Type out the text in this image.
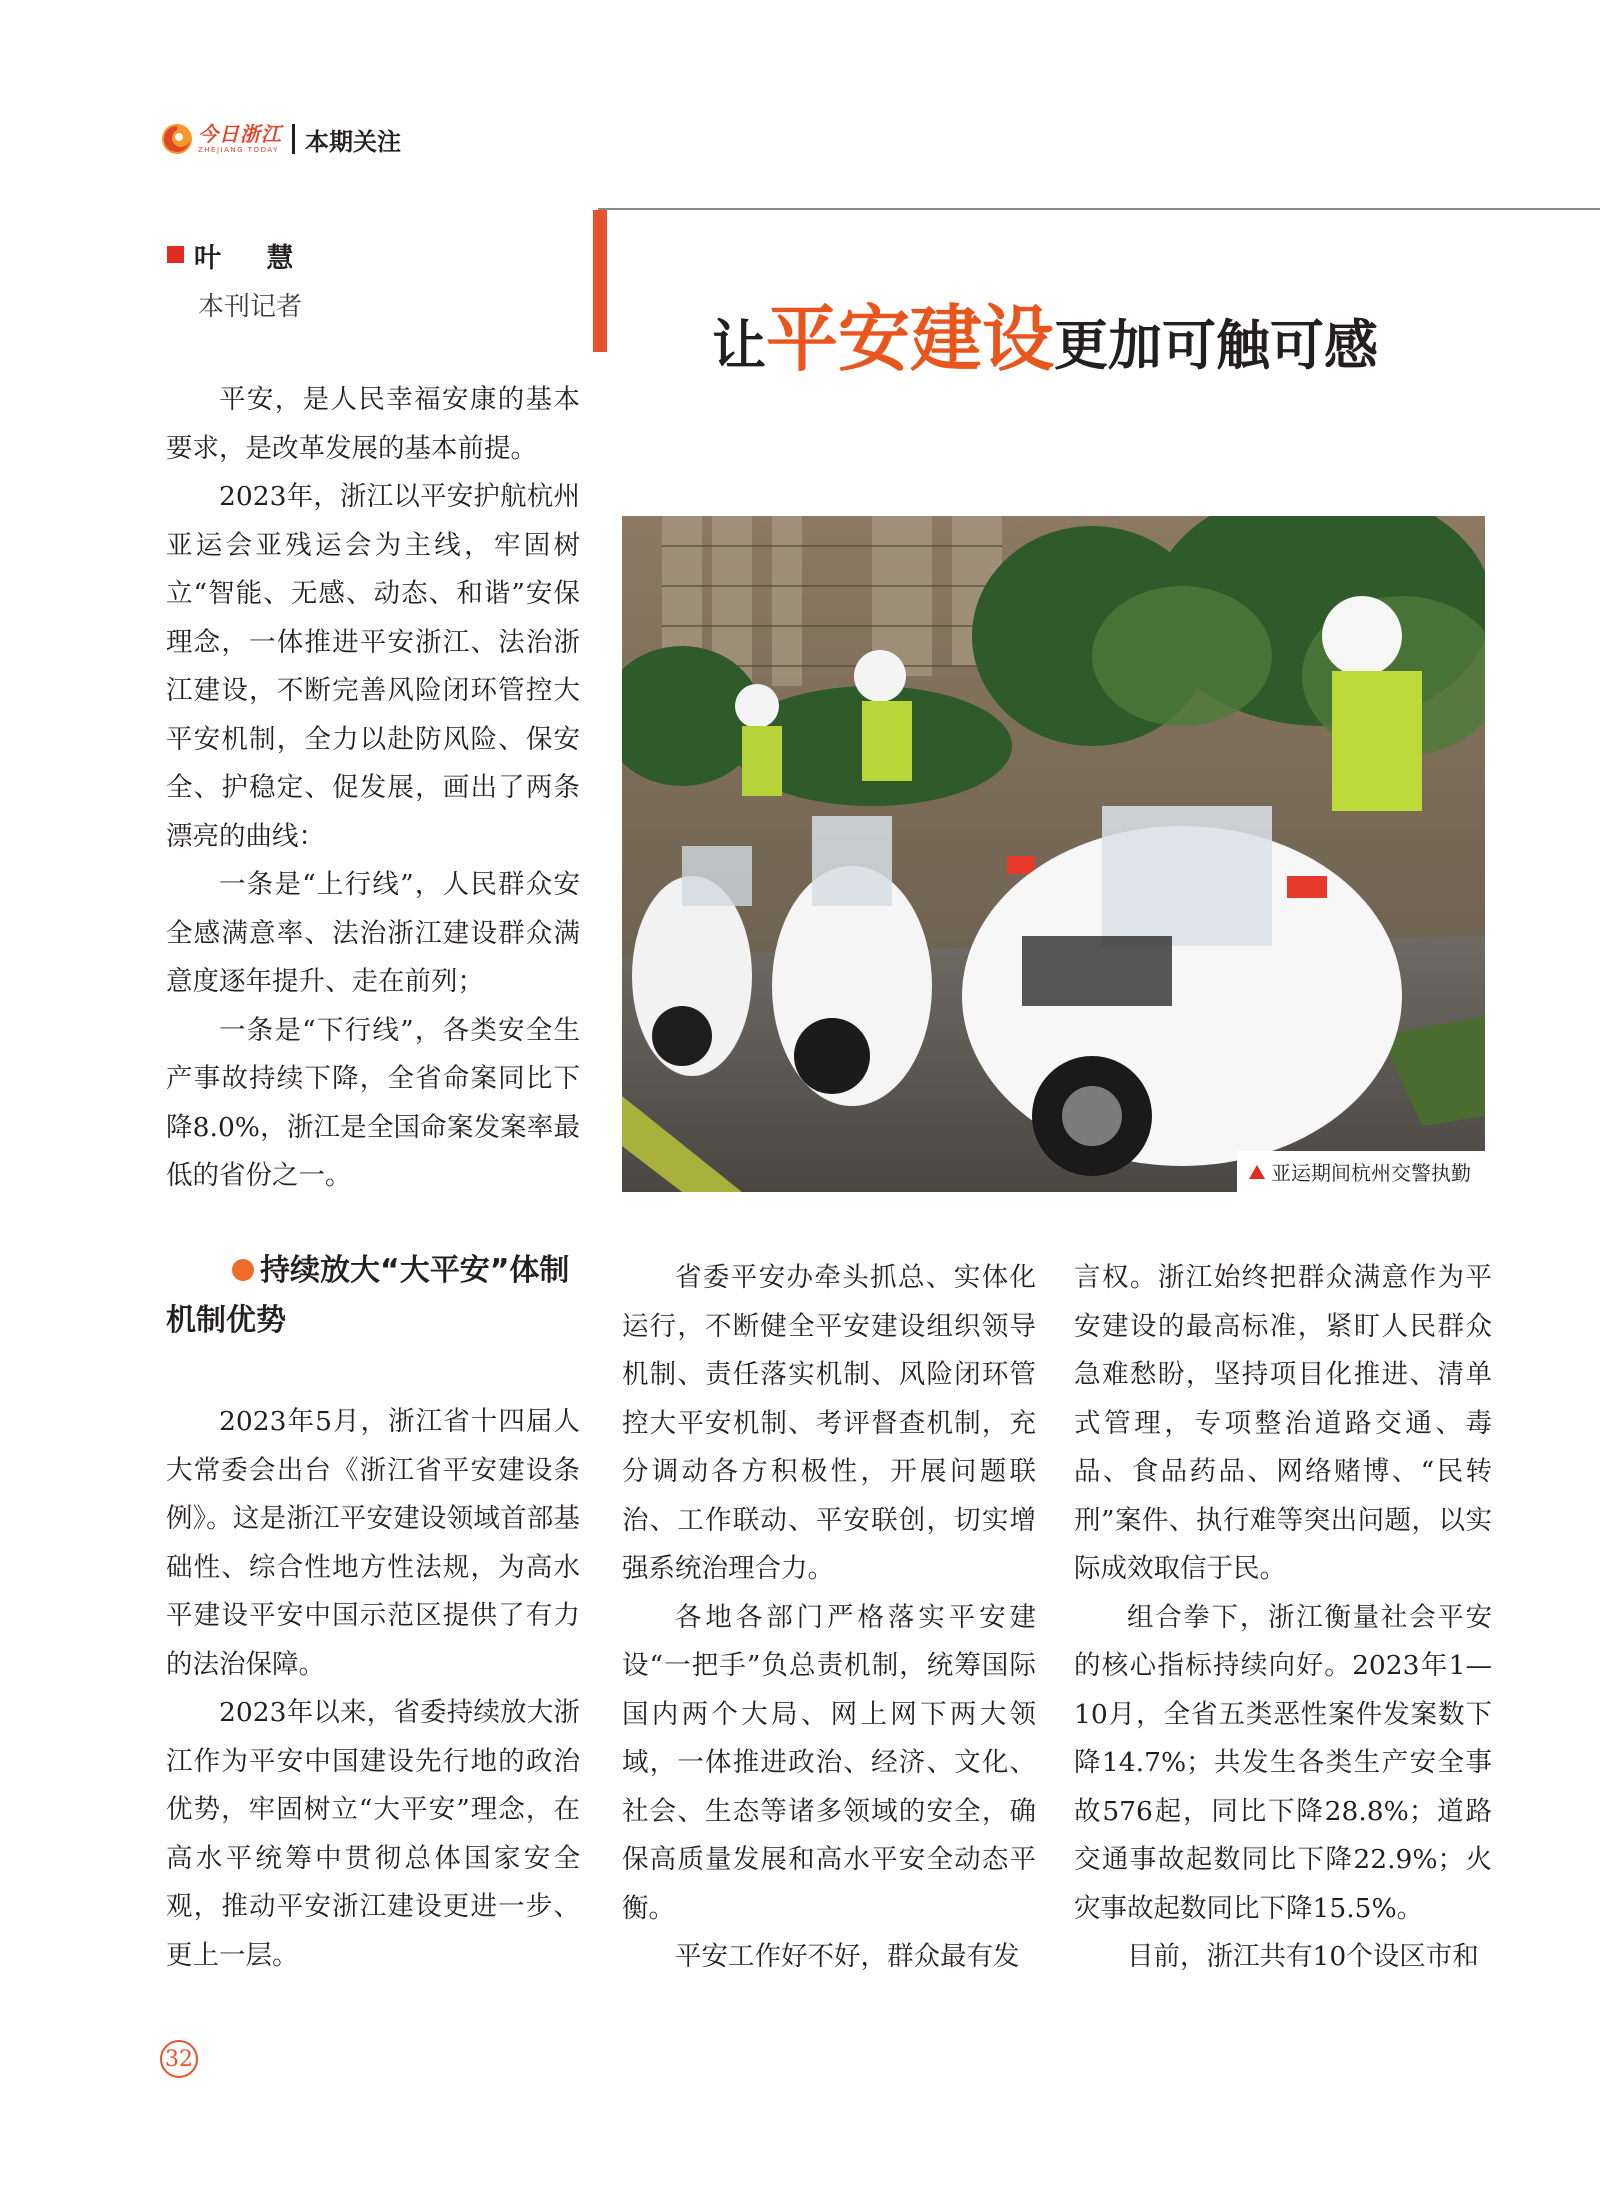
今日浙江
ZHEJIANG TODAY 本期关注
叶 慧
本刊记者
让平安建设更加可触可感

平安，是人民幸福安康的基本要求，是改革发展的基本前提。

2023年，浙江以平安护航杭州亚运会亚残运会为主线，牢固树立“智能、无感、动态、和谐”安保理念，一体推进平安浙江、法治浙江建设，不断完善风险闭环管控大平安机制，全力以赴防风险、保安全、护稳定、促发展，画出了两条漂亮的曲线：

一条是“上行线”，人民群众安全感满意率、法治浙江建设群众满意度逐年提升、走在前列；

一条是“下行线”，各类安全生产事故持续下降，全省命案同比下降8.0%，浙江是全国命案发案率最低的省份之一。	亚运期间杭州交警执勤
持续放大“大平安”体制机制优势

2023年5月，浙江省十四届人大常委会出台《浙江省平安建设条例》。这是浙江平安建设领域首部基础性、综合性地方性法规，为高水平建设平安中国示范区提供了有力的法治保障。

2023年以来，省委持续放大浙江作为平安中国建设先行地的政治优势，牢固树立“大平安”理念，在高水平统筹中贯彻总体国家安全观，推动平安浙江建设更进一步、更上一层。

省委平安办牵头抓总、实体化运行，不断健全平安建设组织领导机制、责任落实机制、风险闭环管控大平安机制、考评督查机制，充分调动各方积极性，开展问题联治、工作联动、平安联创，切实增强系统治理合力。

各地各部门严格落实平安建设“一把手”负总责机制，统筹国际国内两个大局、网上网下两大领域，一体推进政治、经济、文化、社会、生态等诸多领域的安全，确保高质量发展和高水平安全动态平衡。

平安工作好不好，群众最有发

言权。浙江始终把群众满意作为平安建设的最高标准，紧盯人民群众急难愁盼，坚持项目化推进、清单式管理，专项整治道路交通、毒品、食品药品、网络赌博、“民转刑”案件、执行难等突出问题，以实际成效取信于民。

组合拳下，浙江衡量社会平安的核心指标持续向好。2023年1—10月，全省五类恶性案件发案数下降14.7%；共发生各类生产安全事故576起，同比下降28.8%；道路交通事故起数同比下降22.9%；火灾事故起数同比下降15.5%。

目前，浙江共有10个设区市和

32
